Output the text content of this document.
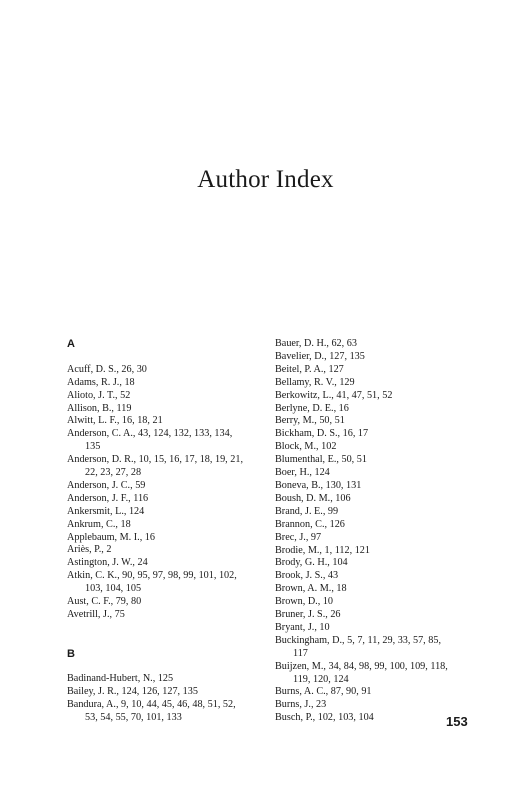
Author Index
A
Acuff, D. S., 26, 30
Adams, R. J., 18
Alioto, J. T., 52
Allison, B., 119
Alwitt, L. F., 16, 18, 21
Anderson, C. A., 43, 124, 132, 133, 134,
135
Anderson, D. R., 10, 15, 16, 17, 18, 19, 21,
22, 23, 27, 28
Anderson, J. C., 59
Anderson, J. F., 116
Ankersmit, L., 124
Ankrum, C., 18
Applebaum, M. I., 16
Ariès, P., 2
Astington, J. W., 24
Atkin, C. K., 90, 95, 97, 98, 99, 101, 102,
103, 104, 105
Aust, C. F., 79, 80
Avetrill, J., 75
B
Badinand-Hubert, N., 125
Bailey, J. R., 124, 126, 127, 135
Bandura, A., 9, 10, 44, 45, 46, 48, 51, 52,
53, 54, 55, 70, 101, 133
Bauer, D. H., 62, 63
Bavelier, D., 127, 135
Beitel, P. A., 127
Bellamy, R. V., 129
Berkowitz, L., 41, 47, 51, 52
Berlyne, D. E., 16
Berry, M., 50, 51
Bickham, D. S., 16, 17
Block, M., 102
Blumenthal, E., 50, 51
Boer, H., 124
Boneva, B., 130, 131
Boush, D. M., 106
Brand, J. E., 99
Brannon, C., 126
Brec, J., 97
Brodie, M., 1, 112, 121
Brody, G. H., 104
Brook, J. S., 43
Brown, A. M., 18
Brown, D., 10
Bruner, J. S., 26
Bryant, J., 10
Buckingham, D., 5, 7, 11, 29, 33, 57, 85,
117
Buijzen, M., 34, 84, 98, 99, 100, 109, 118,
119, 120, 124
Burns, A. C., 87, 90, 91
Burns, J., 23
Busch, P., 102, 103, 104	153
